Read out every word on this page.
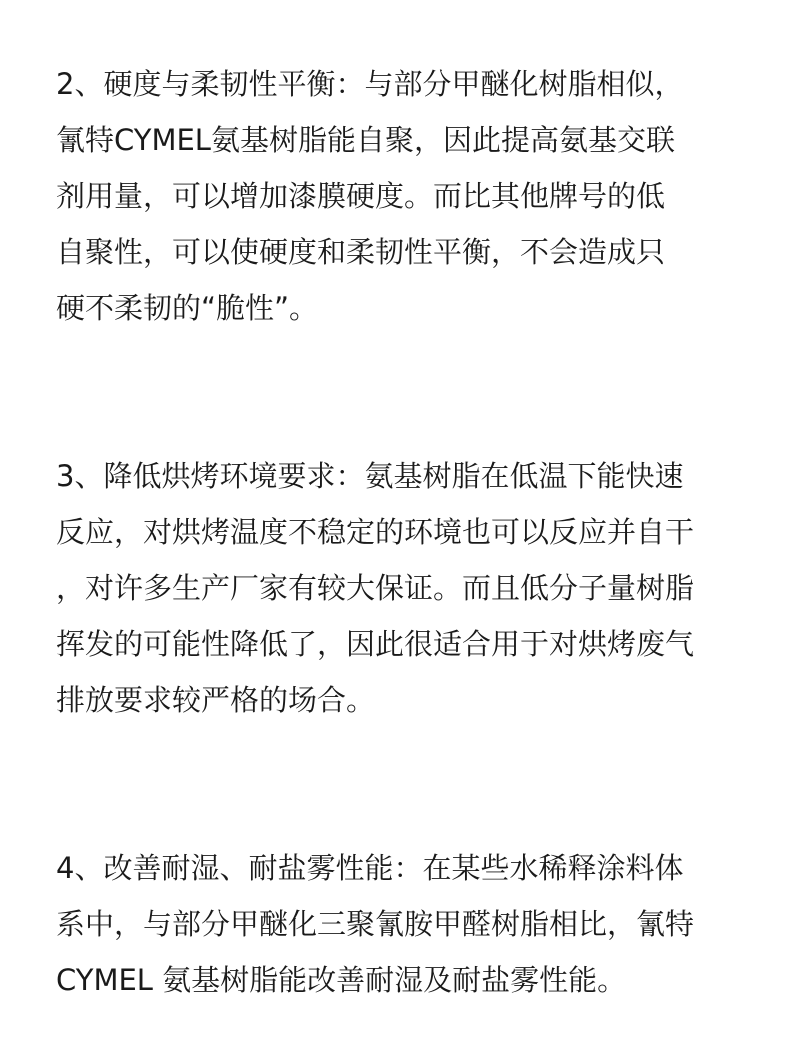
2、硬度与柔韧性平衡：与部分甲醚化树脂相似，
氰特CYMEL氨基树脂能自聚，因此提高氨基交联
剂用量，可以增加漆膜硬度。而比其他牌号的低
自聚性，可以使硬度和柔韧性平衡，不会造成只
硬不柔韧的“脆性”。
3、降低烘烤环境要求：氨基树脂在低温下能快速
反应，对烘烤温度不稳定的环境也可以反应并自干
，对许多生产厂家有较大保证。而且低分子量树脂
挥发的可能性降低了，因此很适合用于对烘烤废气
排放要求较严格的场合。
4、改善耐湿、耐盐雾性能：在某些水稀释涂料体
系中，与部分甲醚化三聚氰胺甲醛树脂相比，氰特
CYMEL 氨基树脂能改善耐湿及耐盐雾性能。
